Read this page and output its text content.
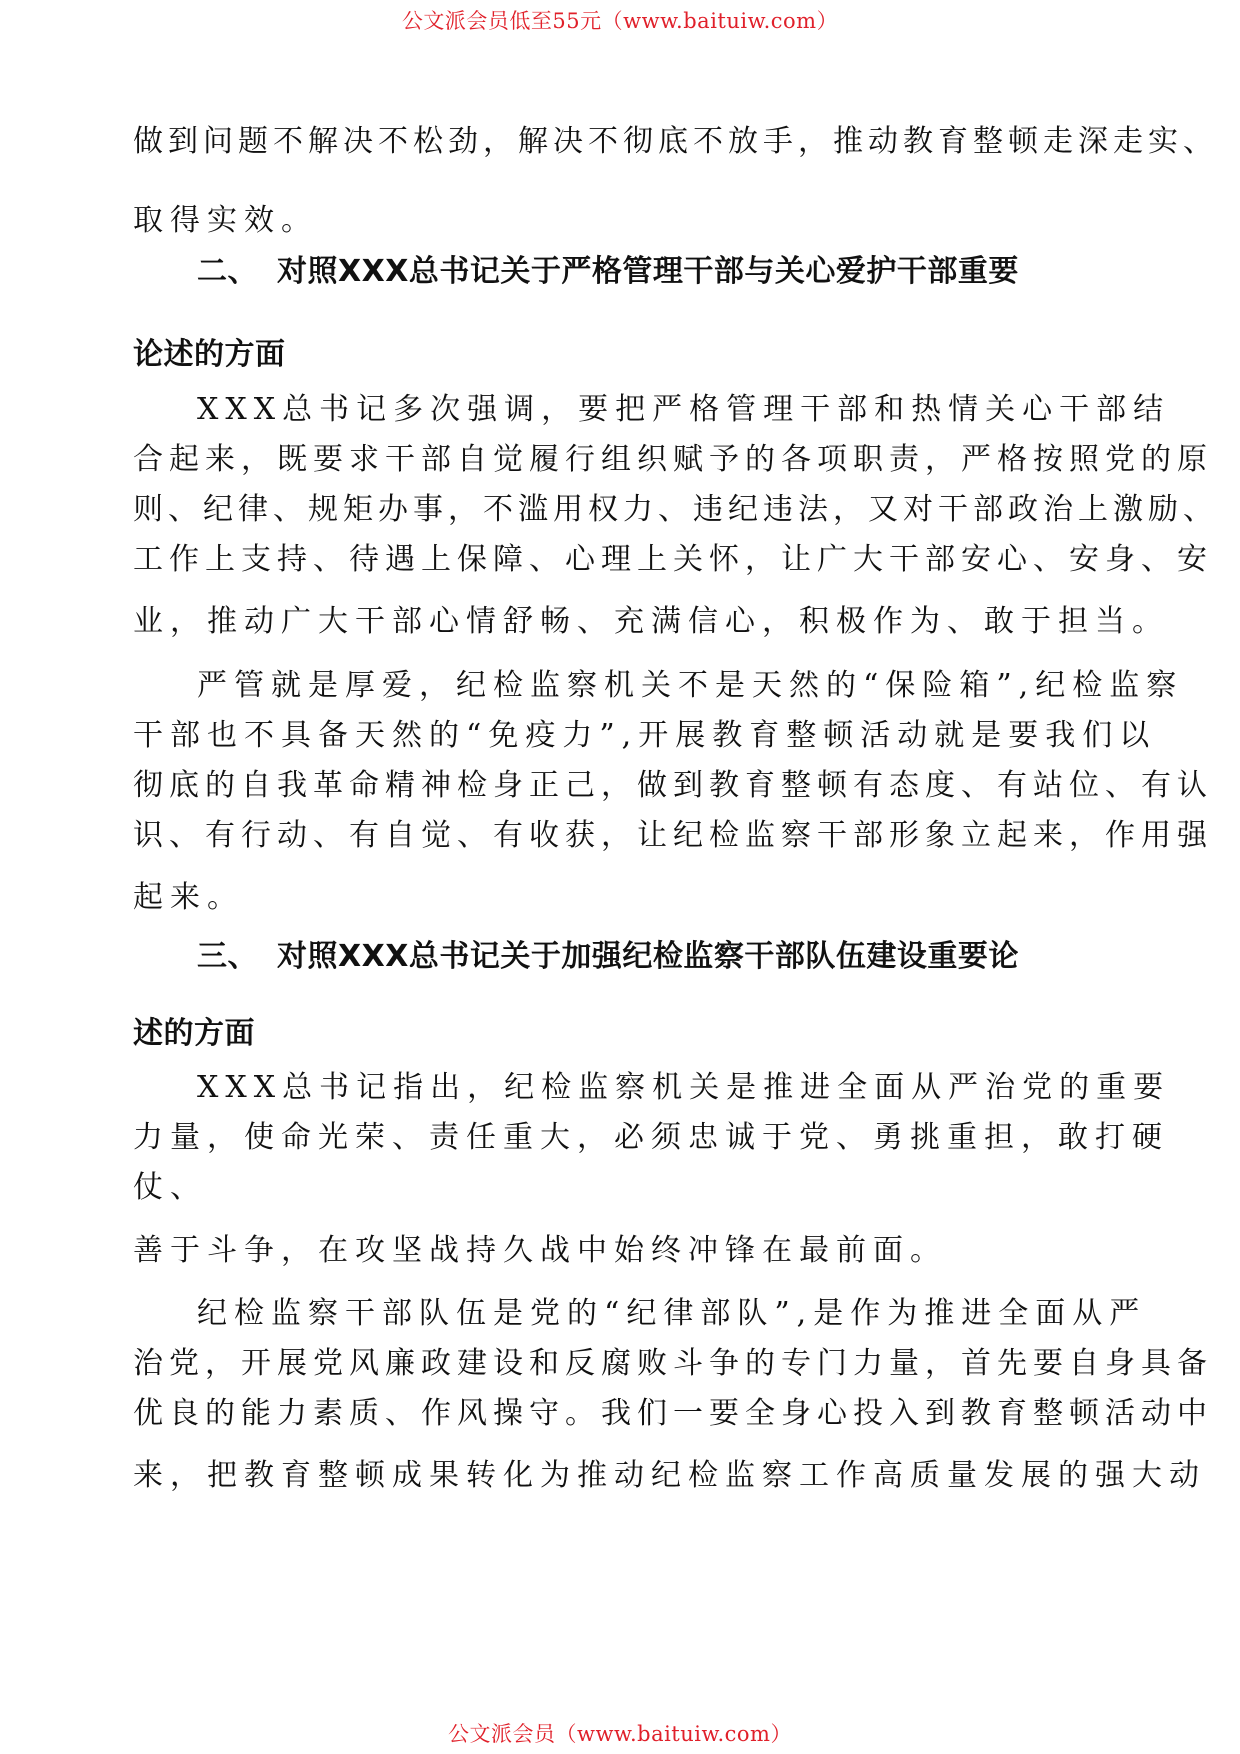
公文派会员低至55元（www.baituiw.com）
做到问题不解决不松劲，解决不彻底不放手，推动教育整顿走深走实、
取得实效。
二、 对照XXX总书记关于严格管理干部与关心爱护干部重要
论述的方面
XXX总书记多次强调，要把严格管理干部和热情关心干部结
合起来，既要求干部自觉履行组织赋予的各项职责，严格按照党的原
则、纪律、规矩办事，不滥用权力、违纪违法，又对干部政治上激励、
工作上支持、待遇上保障、心理上关怀，让广大干部安心、安身、安
业，推动广大干部心情舒畅、充满信心，积极作为、敢于担当。
严管就是厚爱，纪检监察机关不是天然的“保险箱”,纪检监察
干部也不具备天然的“免疫力”,开展教育整顿活动就是要我们以
彻底的自我革命精神检身正己，做到教育整顿有态度、有站位、有认
识、有行动、有自觉、有收获，让纪检监察干部形象立起来，作用强
起来。
三、 对照XXX总书记关于加强纪检监察干部队伍建设重要论
述的方面
XXX总书记指出，纪检监察机关是推进全面从严治党的重要
力量，使命光荣、责任重大，必须忠诚于党、勇挑重担，敢打硬
仗、
善于斗争，在攻坚战持久战中始终冲锋在最前面。
纪检监察干部队伍是党的“纪律部队”,是作为推进全面从严
治党，开展党风廉政建设和反腐败斗争的专门力量，首先要自身具备
优良的能力素质、作风操守。我们一要全身心投入到教育整顿活动中
来，把教育整顿成果转化为推动纪检监察工作高质量发展的强大动
公文派会员（www.baituiw.com）
